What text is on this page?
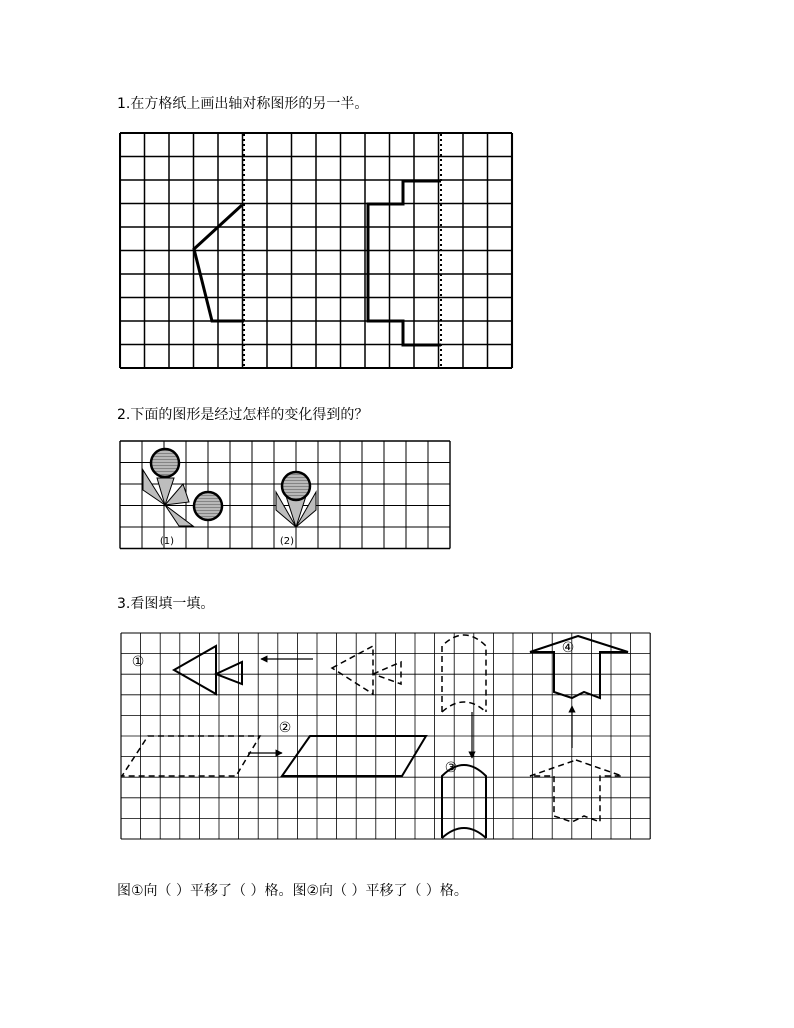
1.在方格纸上画出轴对称图形的另一半。
2.下面的图形是经过怎样的变化得到的？
(1)	(2)
3.看图填一填。
①
②
③
④
图①向（ ）平移了（ ）格。图②向（ ）平移了（ ）格。
